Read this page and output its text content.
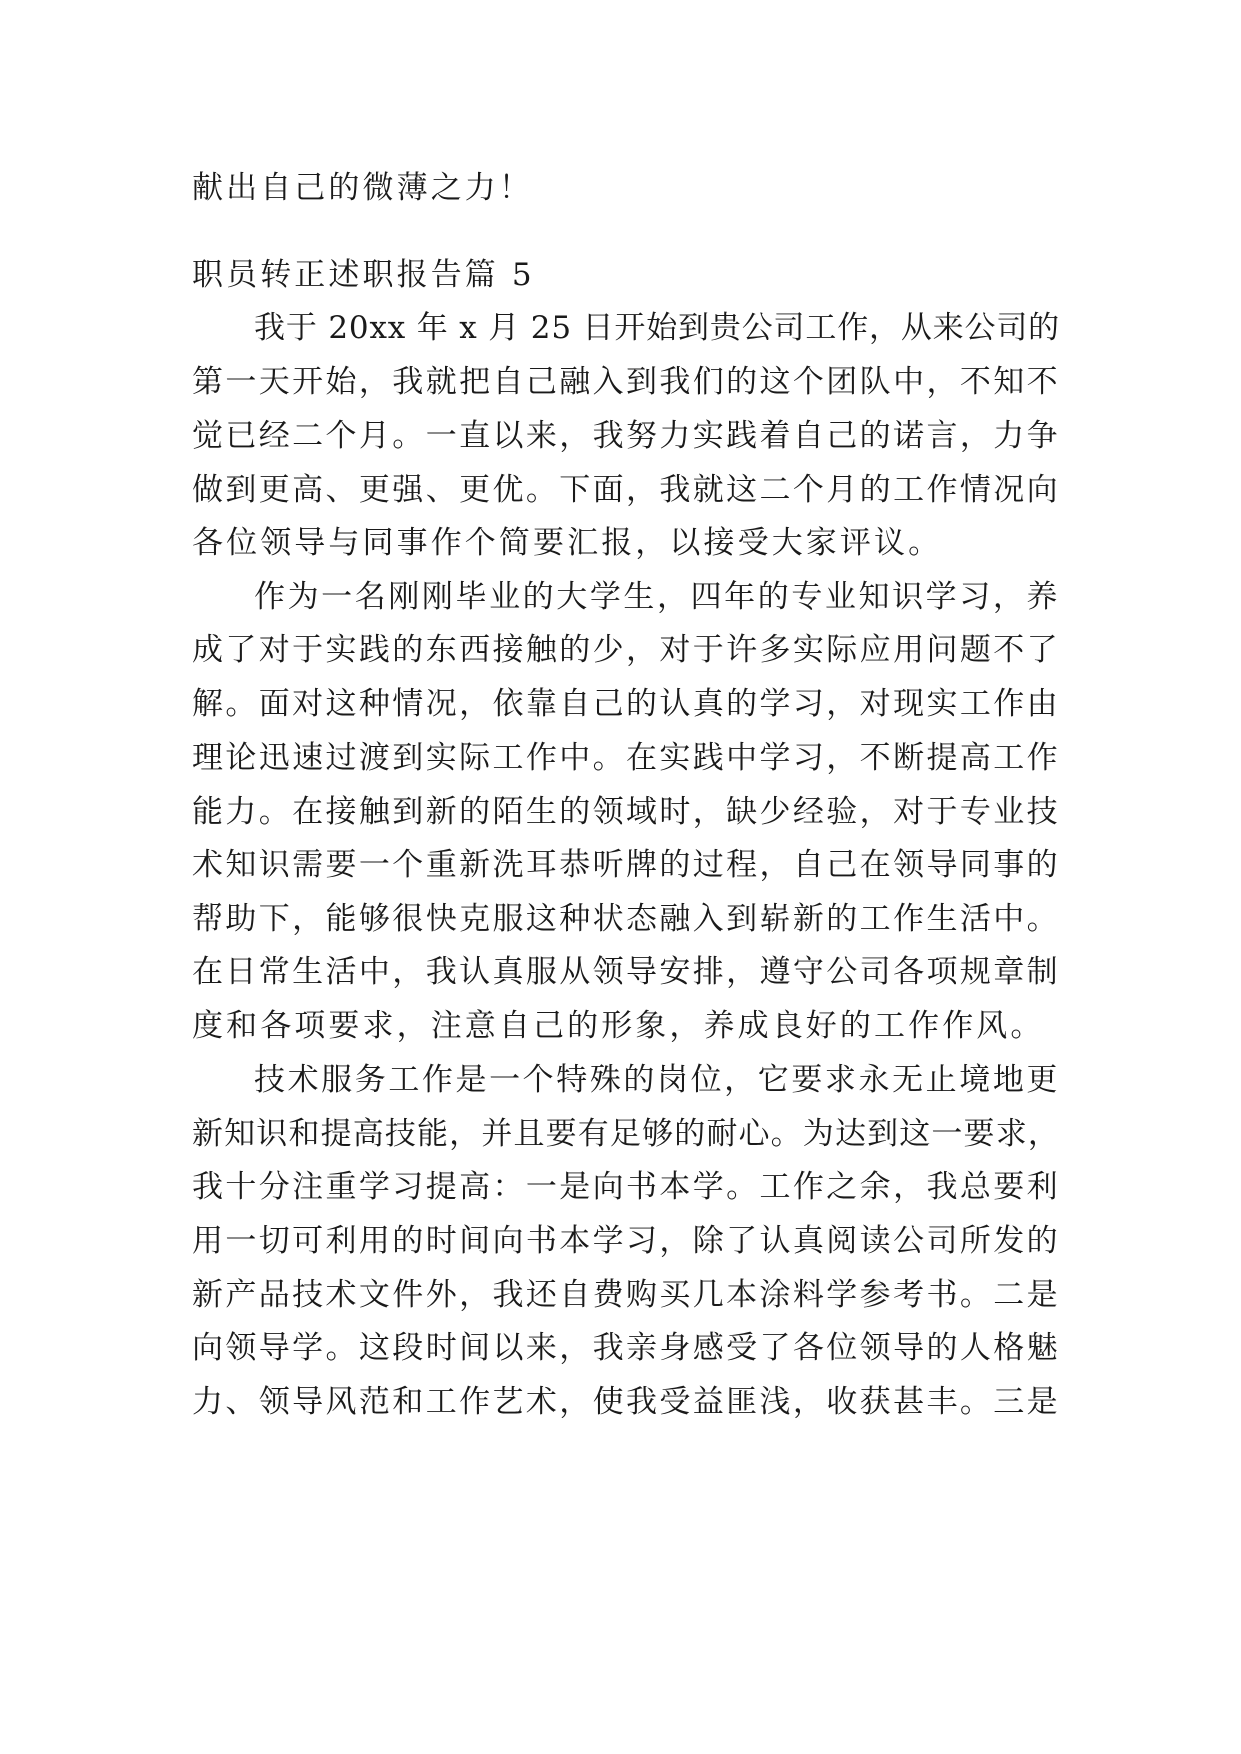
献出自己的微薄之力！
职员转正述职报告篇 5
我于 20xx 年 x 月 25 日开始到贵公司工作，从来公司的
第一天开始，我就把自己融入到我们的这个团队中，不知不
觉已经二个月。一直以来，我努力实践着自己的诺言，力争
做到更高、更强、更优。下面，我就这二个月的工作情况向
各位领导与同事作个简要汇报，以接受大家评议。
作为一名刚刚毕业的大学生，四年的专业知识学习，养
成了对于实践的东西接触的少，对于许多实际应用问题不了
解。面对这种情况，依靠自己的认真的学习，对现实工作由
理论迅速过渡到实际工作中。在实践中学习，不断提高工作
能力。在接触到新的陌生的领域时，缺少经验，对于专业技
术知识需要一个重新洗耳恭听牌的过程，自己在领导同事的
帮助下，能够很快克服这种状态融入到崭新的工作生活中。
在日常生活中，我认真服从领导安排，遵守公司各项规章制
度和各项要求，注意自己的形象，养成良好的工作作风。
技术服务工作是一个特殊的岗位，它要求永无止境地更
新知识和提高技能，并且要有足够的耐心。为达到这一要求，
我十分注重学习提高：一是向书本学。工作之余，我总要利
用一切可利用的时间向书本学习，除了认真阅读公司所发的
新产品技术文件外，我还自费购买几本涂料学参考书。二是
向领导学。这段时间以来，我亲身感受了各位领导的人格魅
力、领导风范和工作艺术，使我受益匪浅，收获甚丰。三是
